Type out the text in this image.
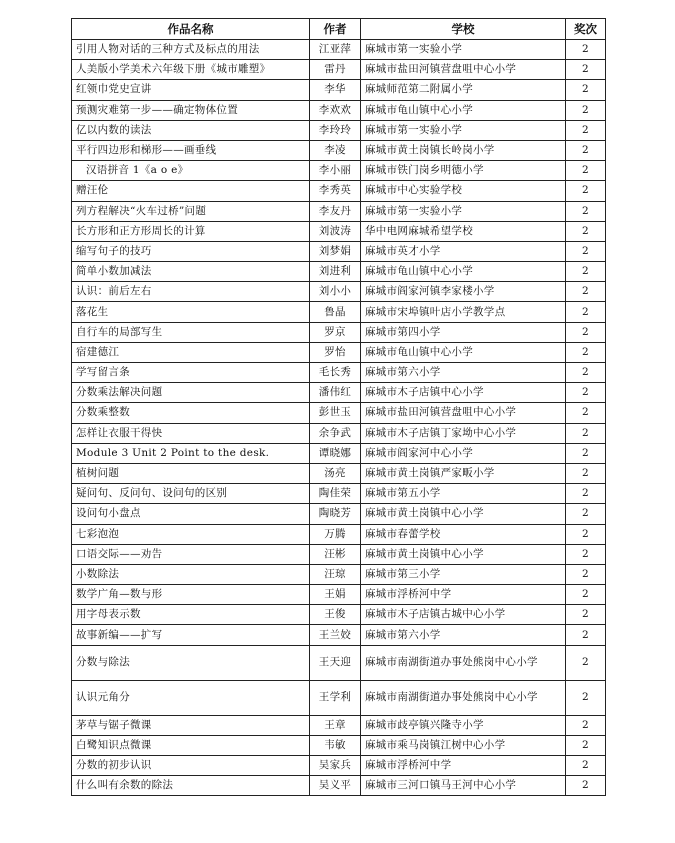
作品名称	作者	学校	奖次
引用人物对话的三种方式及标点的用法	江亚萍	麻城市第一实验小学	2
人美版小学美术六年级下册《城市雕塑》	雷丹	麻城市盐田河镇营盘咀中心小学	2
红领巾党史宣讲	李华	麻城师范第二附属小学	2
预测灾难第一步——确定物体位置	李欢欢	麻城市龟山镇中心小学	2
亿以内数的读法	李玲玲	麻城市第一实验小学	2
平行四边形和梯形——画垂线	李凌	麻城市黄土岗镇长岭岗小学	2
汉语拼音 1《a o e》	李小丽	麻城市铁门岗乡明德小学	2
赠汪伦	李秀英	麻城市中心实验学校	2
列方程解决“火车过桥”问题	李友丹	麻城市第一实验小学	2
长方形和正方形周长的计算	刘波涛	华中电网麻城希望学校	2
缩写句子的技巧	刘梦娟	麻城市英才小学	2
简单小数加减法	刘进利	麻城市龟山镇中心小学	2
认识：前后左右	刘小小	麻城市阎家河镇李家楼小学	2
落花生	鲁晶	麻城市宋埠镇叶店小学教学点	2
自行车的局部写生	罗京	麻城市第四小学	2
宿建德江	罗怡	麻城市龟山镇中心小学	2
学写留言条	毛长秀	麻城市第六小学	2
分数乘法解决问题	潘伟红	麻城市木子店镇中心小学	2
分数乘整数	彭世玉	麻城市盐田河镇营盘咀中心小学	2
怎样让衣服干得快	余争武	麻城市木子店镇丁家坳中心小学	2
Module 3 Unit 2 Point to the desk.	谭晓娜	麻城市阎家河中心小学	2
植树问题	汤亮	麻城市黄土岗镇严家畈小学	2
疑问句、反问句、设问句的区别	陶佳荣	麻城市第五小学	2
设问句小盘点	陶晓芳	麻城市黄土岗镇中心小学	2
七彩泡泡	万腾	麻城市春蕾学校	2
口语交际——劝告	汪彬	麻城市黄土岗镇中心小学	2
小数除法	汪琼	麻城市第三小学	2
数学广角—数与形	王娟	麻城市浮桥河中学	2
用字母表示数	王俊	麻城市木子店镇古城中心小学	2
故事新编——扩写	王兰姣	麻城市第六小学	2
分数与除法	王天迎	麻城市南湖街道办事处熊岗中心小学	2
认识元角分	王学利	麻城市南湖街道办事处熊岗中心小学	2
茅草与锯子微课	王章	麻城市歧亭镇兴隆寺小学	2
白鹭知识点微课	韦敏	麻城市乘马岗镇江树中心小学	2
分数的初步认识	吴家兵	麻城市浮桥河中学	2
什么叫有余数的除法	吴义平	麻城市三河口镇马王河中心小学	2
